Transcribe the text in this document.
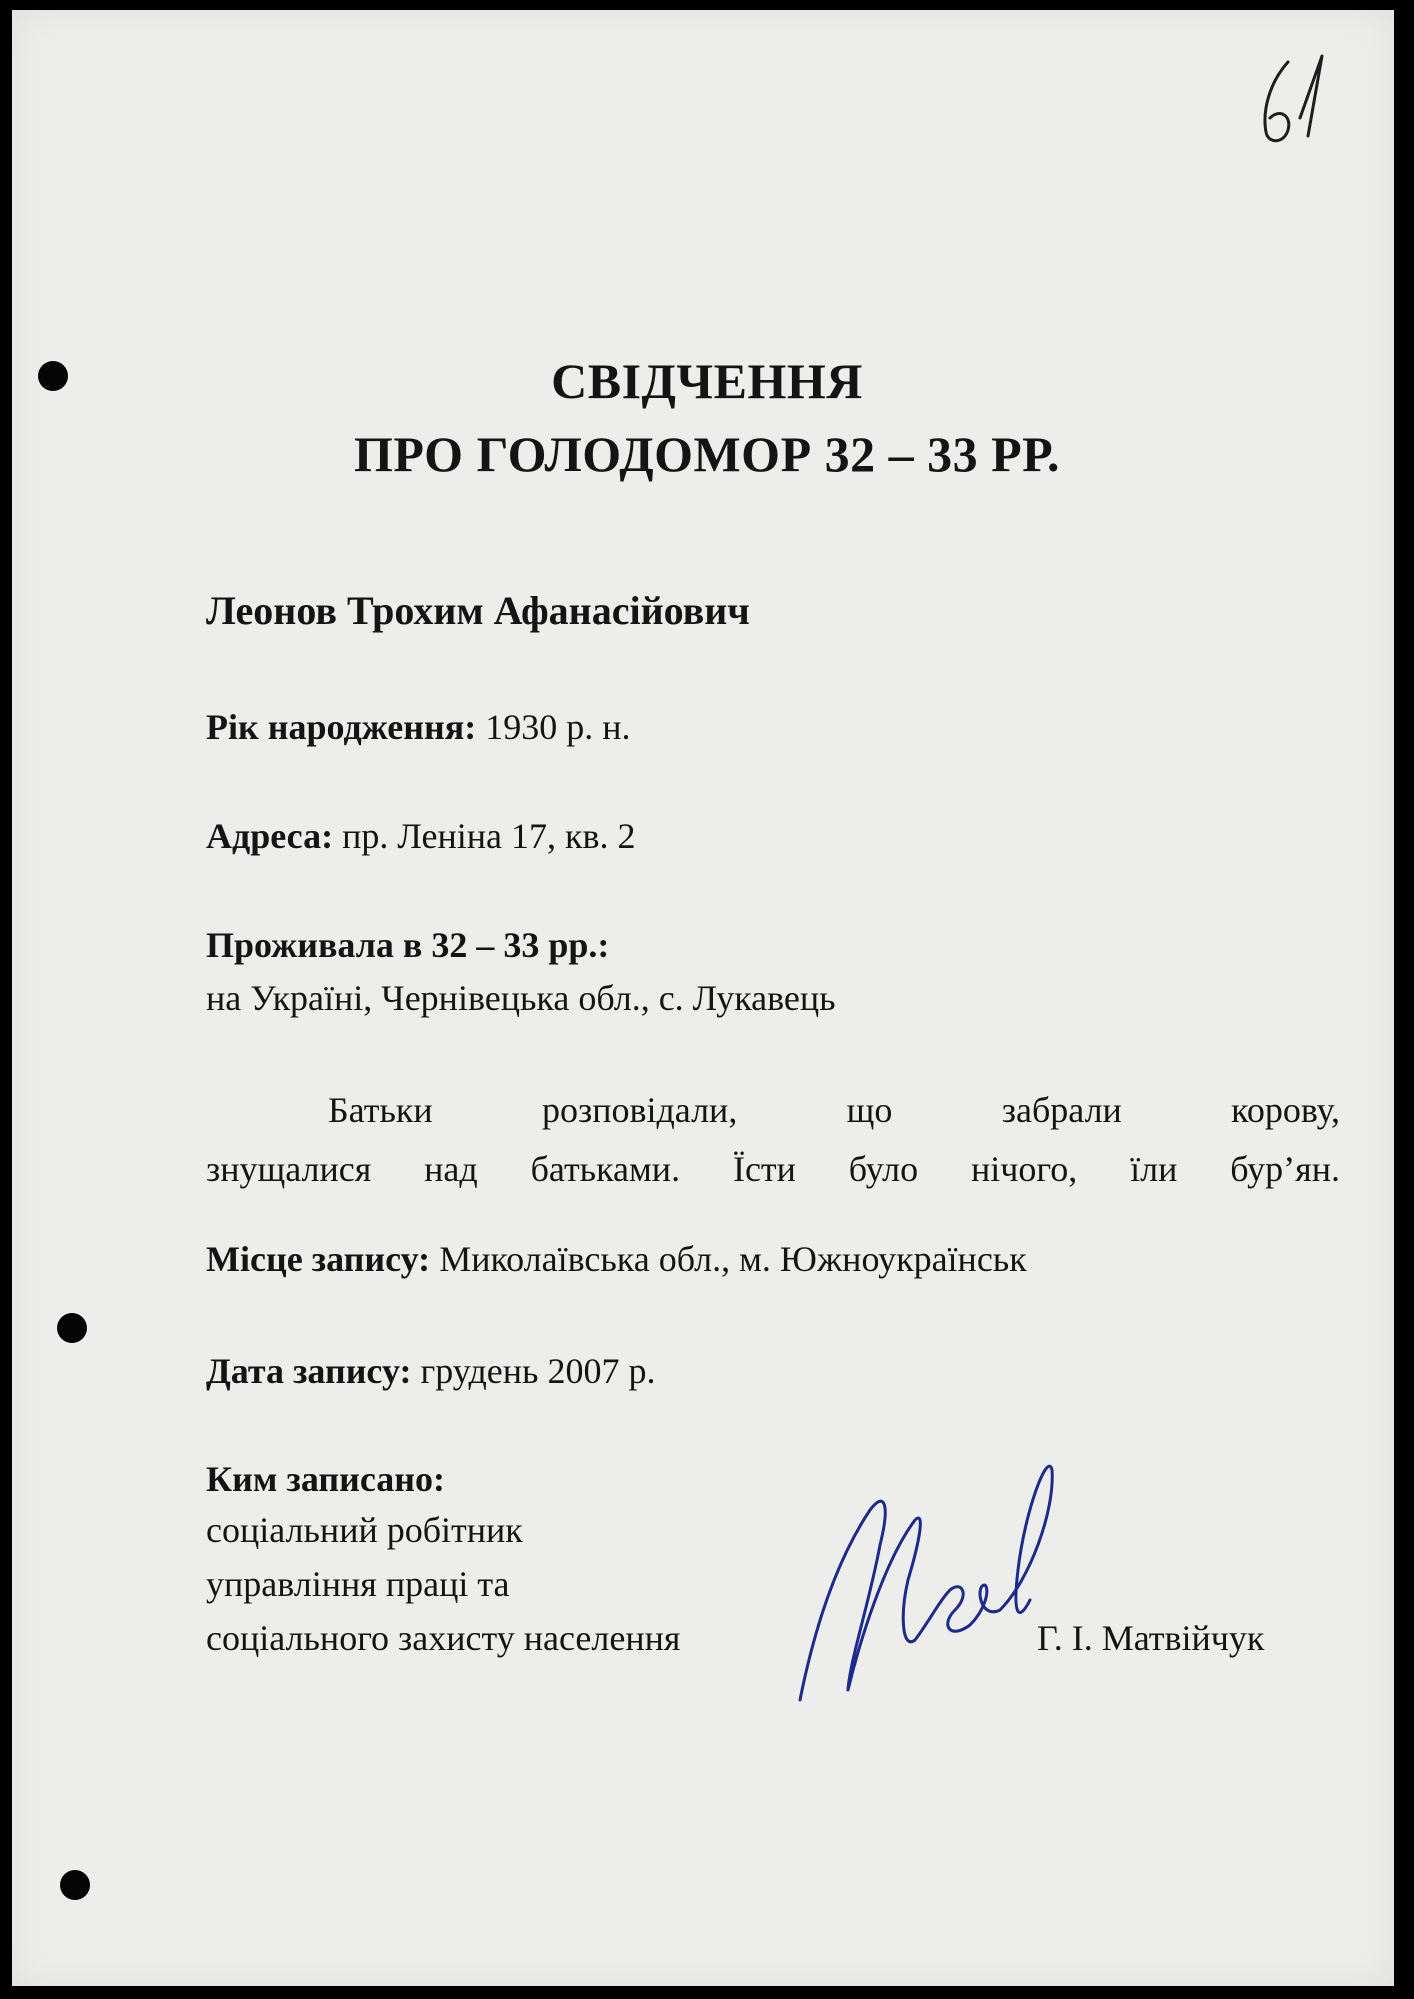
СВІДЧЕННЯ
ПРО ГОЛОДОМОР 32 – 33 РР.
Леонов Трохим Афанасійович
Рік народження: 1930 р. н.
Адреса: пр. Леніна 17, кв. 2
Проживала в 32 – 33 рр.:
на Україні, Чернівецька обл., с. Лукавець
Батьки розповідали, що забрали корову,
знущалися над батьками. Їсти було нічого, їли бур’ян.
Місце запису: Миколаївська обл., м. Южноукраїнськ
Дата запису: грудень 2007 р.
Ким записано:
соціальний робітник
управління праці та
соціального захисту населення	Г. І. Матвійчук
